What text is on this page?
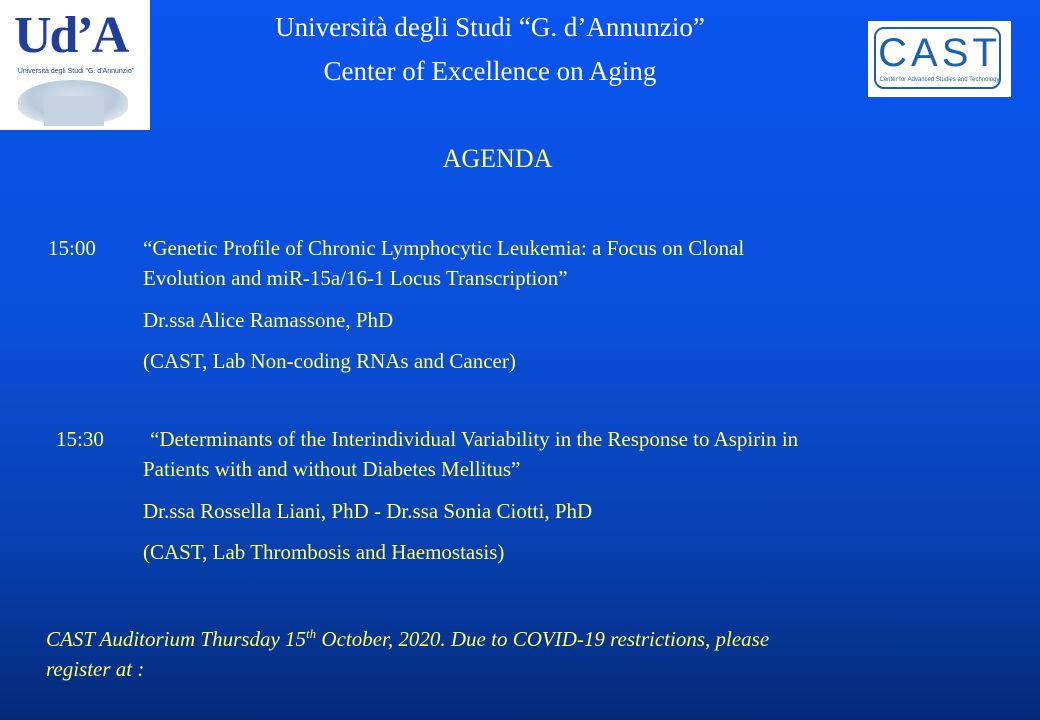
Ud’A
Università degli Studi "G. d'Annunzio"	CAST
Center for Advanced Studies and Technology
Università degli Studi “G. d’Annunzio”
Center of Excellence on Aging
AGENDA
15:00 “Genetic Profile of Chronic Lymphocytic Leukemia: a Focus on Clonal
Evolution and miR-15a/16-1 Locus Transcription”
Dr.ssa Alice Ramassone, PhD
(CAST, Lab Non-coding RNAs and Cancer)
15:30 “Determinants of the Interindividual Variability in the Response to Aspirin in
Patients with and without Diabetes Mellitus”
Dr.ssa Rossella Liani, PhD - Dr.ssa Sonia Ciotti, PhD
(CAST, Lab Thrombosis and Haemostasis)
CAST Auditorium Thursday 15th October, 2020. Due to COVID-19 restrictions, please
register at :
